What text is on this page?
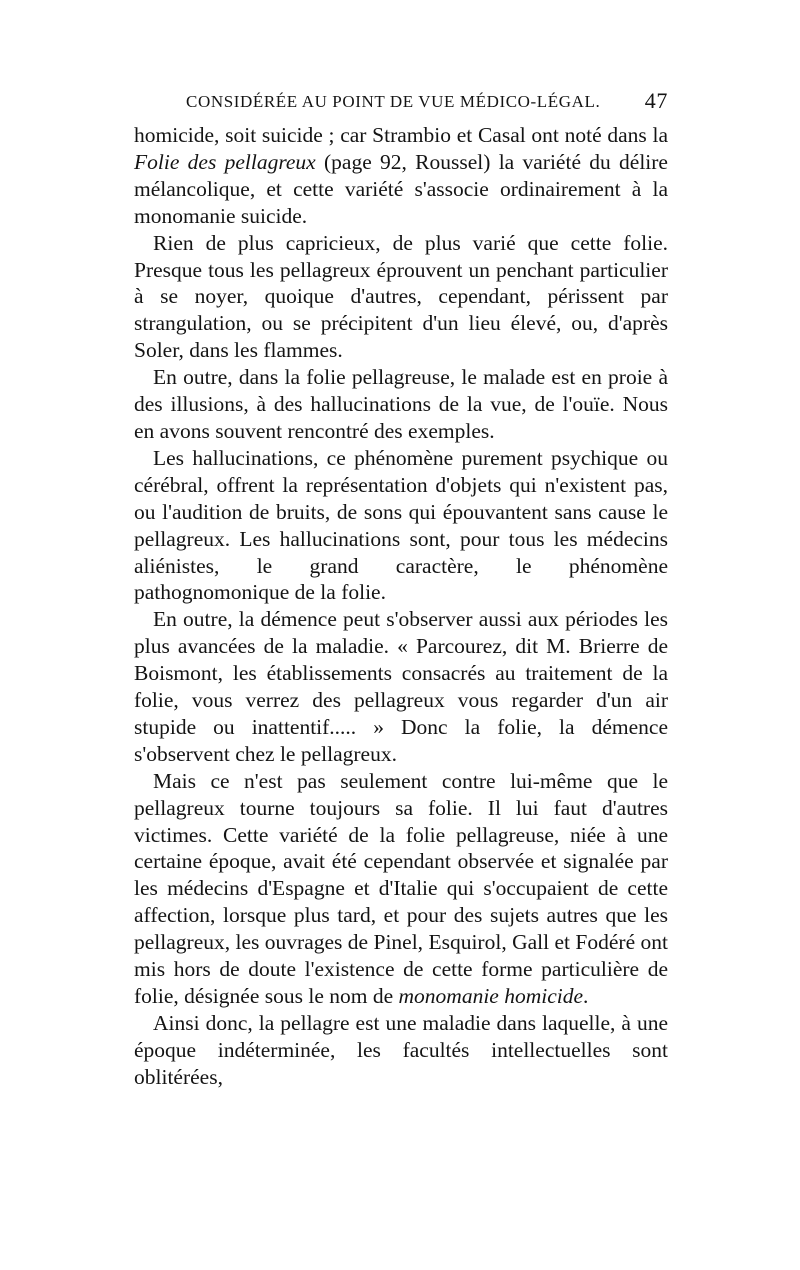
CONSIDÉRÉE AU POINT DE VUE MÉDICO-LÉGAL. 47

homicide, soit suicide ; car Strambio et Casal ont noté dans la Folie des pellagreux (page 92, Roussel) la variété du délire mélancolique, et cette variété s'associe ordinairement à la monomanie suicide.

Rien de plus capricieux, de plus varié que cette folie. Presque tous les pellagreux éprouvent un penchant particulier à se noyer, quoique d'autres, cependant, périssent par strangulation, ou se précipitent d'un lieu élevé, ou, d'après Soler, dans les flammes.

En outre, dans la folie pellagreuse, le malade est en proie à des illusions, à des hallucinations de la vue, de l'ouïe. Nous en avons souvent rencontré des exemples.

Les hallucinations, ce phénomène purement psychique ou cérébral, offrent la représentation d'objets qui n'existent pas, ou l'audition de bruits, de sons qui épouvantent sans cause le pellagreux. Les hallucinations sont, pour tous les médecins aliénistes, le grand caractère, le phénomène pathognomonique de la folie.

En outre, la démence peut s'observer aussi aux périodes les plus avancées de la maladie. « Parcourez, dit M. Brierre de Boismont, les établissements consacrés au traitement de la folie, vous verrez des pellagreux vous regarder d'un air stupide ou inattentif..... » Donc la folie, la démence s'observent chez le pellagreux.

Mais ce n'est pas seulement contre lui-même que le pellagreux tourne toujours sa folie. Il lui faut d'autres victimes. Cette variété de la folie pellagreuse, niée à une certaine époque, avait été cependant observée et signalée par les médecins d'Espagne et d'Italie qui s'occupaient de cette affection, lorsque plus tard, et pour des sujets autres que les pellagreux, les ouvrages de Pinel, Esquirol, Gall et Fodéré ont mis hors de doute l'existence de cette forme particulière de folie, désignée sous le nom de monomanie homicide.

Ainsi donc, la pellagre est une maladie dans laquelle, à une époque indéterminée, les facultés intellectuelles sont oblitérées,
